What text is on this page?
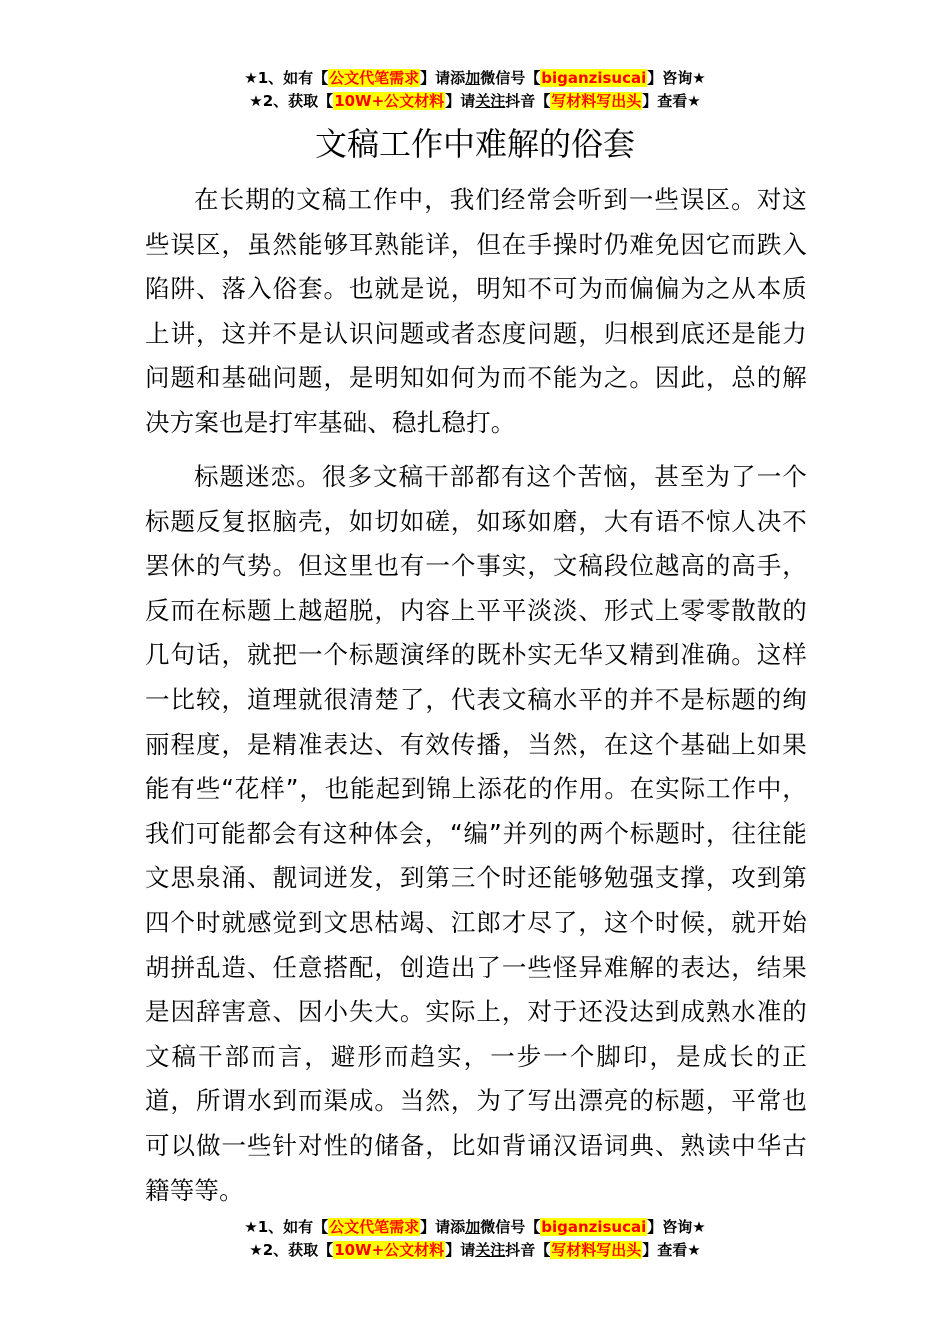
★1、如有【公文代笔需求】请添加微信号【biganzisucai】咨询★
★2、获取【10W+公文材料】请关注抖音【写材料写出头】查看★
文稿工作中难解的俗套

在长期的文稿工作中，我们经常会听到一些误区。对这些误区，虽然能够耳熟能详，但在手操时仍难免因它而跌入陷阱、落入俗套。也就是说，明知不可为而偏偏为之从本质上讲，这并不是认识问题或者态度问题，归根到底还是能力问题和基础问题，是明知如何为而不能为之。因此，总的解决方案也是打牢基础、稳扎稳打。

标题迷恋。很多文稿干部都有这个苦恼，甚至为了一个标题反复抠脑壳，如切如磋，如琢如磨，大有语不惊人决不罢休的气势。但这里也有一个事实，文稿段位越高的高手，反而在标题上越超脱，内容上平平淡淡、形式上零零散散的几句话，就把一个标题演绎的既朴实无华又精到准确。这样一比较，道理就很清楚了，代表文稿水平的并不是标题的绚丽程度，是精准表达、有效传播，当然，在这个基础上如果能有些“花样”，也能起到锦上添花的作用。在实际工作中，我们可能都会有这种体会，“编”并列的两个标题时，往往能文思泉涌、靓词迸发，到第三个时还能够勉强支撑，攻到第四个时就感觉到文思枯竭、江郎才尽了，这个时候，就开始胡拼乱造、任意搭配，创造出了一些怪异难解的表达，结果是因辞害意、因小失大。实际上，对于还没达到成熟水准的文稿干部而言，避形而趋实，一步一个脚印，是成长的正道，所谓水到而渠成。当然，为了写出漂亮的标题，平常也可以做一些针对性的储备，比如背诵汉语词典、熟读中华古籍等等。

★1、如有【公文代笔需求】请添加微信号【biganzisucai】咨询★
★2、获取【10W+公文材料】请关注抖音【写材料写出头】查看★
